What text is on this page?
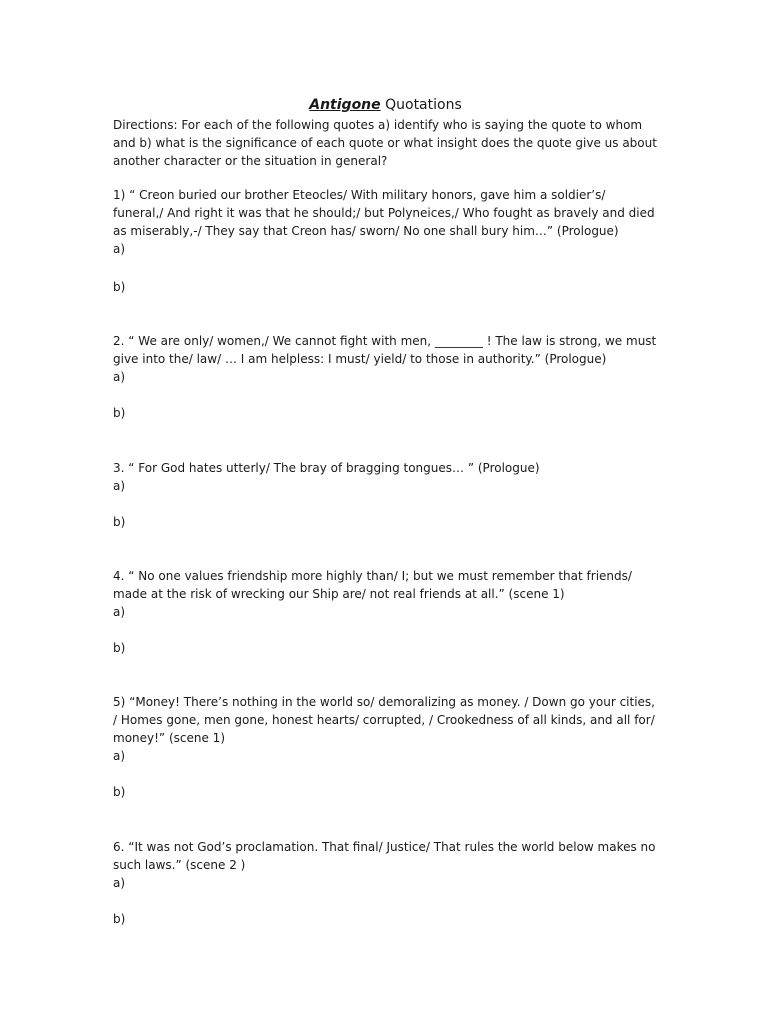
Antigone Quotations

Directions: For each of the following quotes a) identify who is saying the quote to whom and b) what is the significance of each quote or what insight does the quote give us about another character or the situation in general?

1) “ Creon buried our brother Eteocles/ With military honors, gave him a soldier’s/ funeral,/ And right it was that he should;/ but Polyneices,/ Who fought as bravely and died as miserably,-/ They say that Creon has/ sworn/ No one shall bury him…” (Prologue)

a)

b)

2. “ We are only/ women,/ We cannot fight with men, ________ ! The law is strong, we must give into the/ law/ … I am helpless: I must/ yield/ to those in authority.” (Prologue)

a)

b)

3. “ For God hates utterly/ The bray of bragging tongues… ” (Prologue)

a)

b)

4. “ No one values friendship more highly than/ I; but we must remember that friends/ made at the risk of wrecking our Ship are/ not real friends at all.” (scene 1)

a)

b)

5) “Money! There’s nothing in the world so/ demoralizing as money. / Down go your cities, / Homes gone, men gone, honest hearts/ corrupted, / Crookedness of all kinds, and all for/ money!” (scene 1)

a)

b)

6. “It was not God’s proclamation. That final/ Justice/ That rules the world below makes no such laws.” (scene 2 )

a)

b)
